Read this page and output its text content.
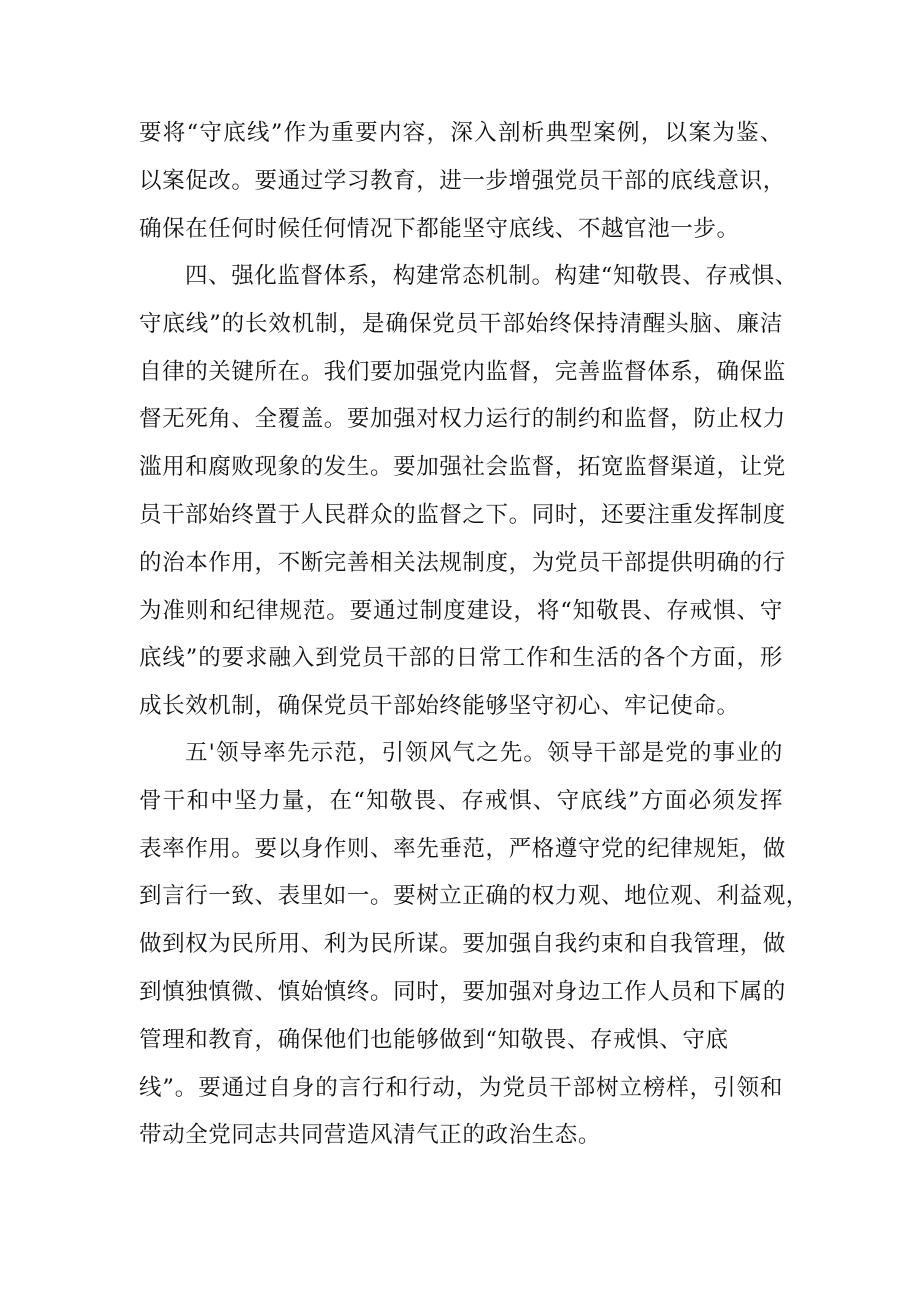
要将“守底线”作为重要内容，深入剖析典型案例，以案为鉴、
以案促改。要通过学习教育，进一步增强党员干部的底线意识，
确保在任何时候任何情况下都能坚守底线、不越官池一步。
四、强化监督体系，构建常态机制。构建“知敬畏、存戒惧、
守底线”的长效机制，是确保党员干部始终保持清醒头脑、廉洁
自律的关键所在。我们要加强党内监督，完善监督体系，确保监
督无死角、全覆盖。要加强对权力运行的制约和监督，防止权力
滥用和腐败现象的发生。要加强社会监督，拓宽监督渠道，让党
员干部始终置于人民群众的监督之下。同时，还要注重发挥制度
的治本作用，不断完善相关法规制度，为党员干部提供明确的行
为准则和纪律规范。要通过制度建设，将“知敬畏、存戒惧、守
底线”的要求融入到党员干部的日常工作和生活的各个方面，形
成长效机制，确保党员干部始终能够坚守初心、牢记使命。
五'领导率先示范，引领风气之先。领导干部是党的事业的
骨干和中坚力量，在“知敬畏、存戒惧、守底线”方面必须发挥
表率作用。要以身作则、率先垂范，严格遵守党的纪律规矩，做
到言行一致、表里如一。要树立正确的权力观、地位观、利益观，
做到权为民所用、利为民所谋。要加强自我约束和自我管理，做
到慎独慎微、慎始慎终。同时，要加强对身边工作人员和下属的
管理和教育，确保他们也能够做到“知敬畏、存戒惧、守底
线”。要通过自身的言行和行动，为党员干部树立榜样，引领和
带动全党同志共同营造风清气正的政治生态。
